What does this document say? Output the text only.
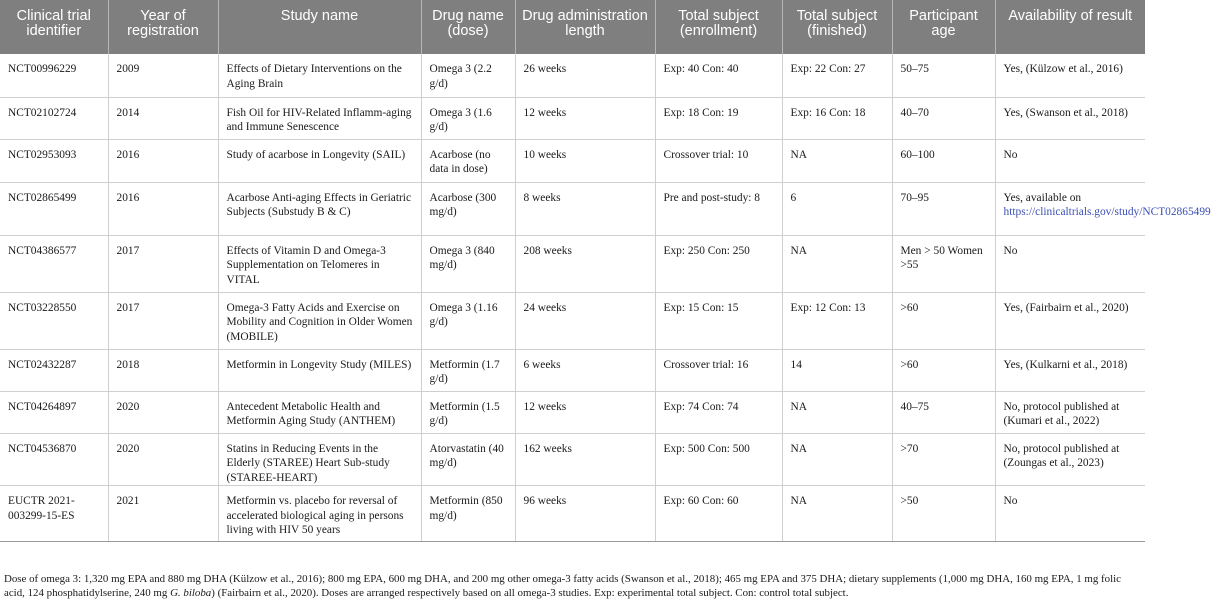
Clinical trial identifier	Year of registration	Study name	Drug name (dose)	Drug administration length	Total subject (enrollment)	Total subject (finished)	Participant age	Availability of result
NCT00996229	2009	Effects of Dietary Interventions on the Aging Brain	Omega 3 (2.2 g/d)	26 weeks	Exp: 40 Con: 40	Exp: 22 Con: 27	50–75	Yes, (Külzow et al., 2016)
NCT02102724	2014	Fish Oil for HIV-Related Inflamm-aging and Immune Senescence	Omega 3 (1.6 g/d)	12 weeks	Exp: 18 Con: 19	Exp: 16 Con: 18	40–70	Yes, (Swanson et al., 2018)
NCT02953093	2016	Study of acarbose in Longevity (SAIL)	Acarbose (no data in dose)	10 weeks	Crossover trial: 10	NA	60–100	No
NCT02865499	2016	Acarbose Anti-aging Effects in Geriatric Subjects (Substudy B & C)	Acarbose (300 mg/d)	8 weeks	Pre and post-study: 8	6	70–95	Yes, available on https://clinicaltrials.gov/study/NCT02865499
NCT04386577	2017	Effects of Vitamin D and Omega-3 Supplementation on Telomeres in VITAL	Omega 3 (840 mg/d)	208 weeks	Exp: 250 Con: 250	NA	Men > 50 Women >55	No
NCT03228550	2017	Omega-3 Fatty Acids and Exercise on Mobility and Cognition in Older Women (MOBILE)	Omega 3 (1.16 g/d)	24 weeks	Exp: 15 Con: 15	Exp: 12 Con: 13	>60	Yes, (Fairbairn et al., 2020)
NCT02432287	2018	Metformin in Longevity Study (MILES)	Metformin (1.7 g/d)	6 weeks	Crossover trial: 16	14	>60	Yes, (Kulkarni et al., 2018)
NCT04264897	2020	Antecedent Metabolic Health and Metformin Aging Study (ANTHEM)	Metformin (1.5 g/d)	12 weeks	Exp: 74 Con: 74	NA	40–75	No, protocol published at (Kumari et al., 2022)
NCT04536870	2020	Statins in Reducing Events in the Elderly (STAREE) Heart Sub-study (STAREE-HEART)	Atorvastatin (40 mg/d)	162 weeks	Exp: 500 Con: 500	NA	>70	No, protocol published at (Zoungas et al., 2023)
EUCTR 2021-003299-15-ES	2021	Metformin vs. placebo for reversal of accelerated biological aging in persons living with HIV 50 years	Metformin (850 mg/d)	96 weeks	Exp: 60 Con: 60	NA	>50	No

Dose of omega 3: 1,320 mg EPA and 880 mg DHA (Külzow et al., 2016); 800 mg EPA, 600 mg DHA, and 200 mg other omega-3 fatty acids (Swanson et al., 2018); 465 mg EPA and 375 DHA; dietary supplements (1,000 mg DHA, 160 mg EPA, 1 mg folic acid, 124 phosphatidylserine, 240 mg G. biloba) (Fairbairn et al., 2020). Doses are arranged respectively based on all omega-3 studies. Exp: experimental total subject. Con: control total subject.
